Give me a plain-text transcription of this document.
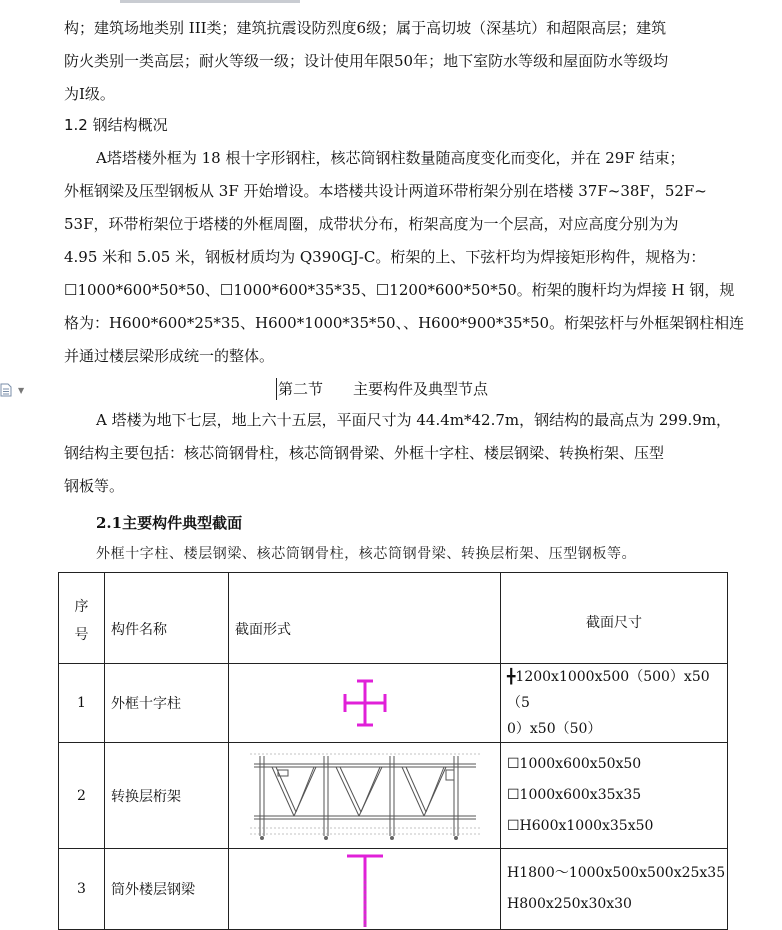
构；建筑场地类别 III类；建筑抗震设防烈度6级；属于高切坡（深基坑）和超限高层；建筑
防火类别一类高层；耐火等级一级；设计使用年限50年；地下室防水等级和屋面防水等级均
为Ⅰ级。

1.2 钢结构概况

A塔塔楼外框为 18 根十字形钢柱，核芯筒钢柱数量随高度变化而变化，并在 29F 结束；
外框钢梁及压型钢板从 3F 开始增设。本塔楼共设计两道环带桁架分别在塔楼 37F~38F，52F~
53F，环带桁架位于塔楼的外框周圈，成带状分布，桁架高度为一个层高，对应高度分别为为
4.95 米和 5.05 米，钢板材质均为 Q390GJ-C。桁架的上、下弦杆均为焊接矩形构件，规格为：
☐1000*600*50*50、☐1000*600*35*35、☐1200*600*50*50。桁架的腹杆均为焊接 H 钢，规
格为：H600*600*25*35、H600*1000*35*50、、H600*900*35*50。桁架弦杆与外框架钢柱相连
并通过楼层梁形成统一的整体。

▼	第二节 主要构件及典型节点

A 塔楼为地下七层，地上六十五层，平面尺寸为 44.4m*42.7m，钢结构的最高点为 299.9m，
钢结构主要包括：核芯筒钢骨柱，核芯筒钢骨梁、外框十字柱、楼层钢梁、转换桁架、压型
钢板等。

2.1主要构件典型截面
外框十字柱、楼层钢梁、核芯筒钢骨柱，核芯筒钢骨梁、转换层桁架、压型钢板等。
序
号	构件名称	截面形式	截面尺寸
1	外框十字柱		╋1200x1000x500（500）x50（5
0）x50（50）

2	转换层桁架		☐1000x600x50x50
☐1000x600x35x35
☐H600x1000x35x50

3	筒外楼层钢梁		H1800～1000x500x500x25x35
H800x250x30x30
